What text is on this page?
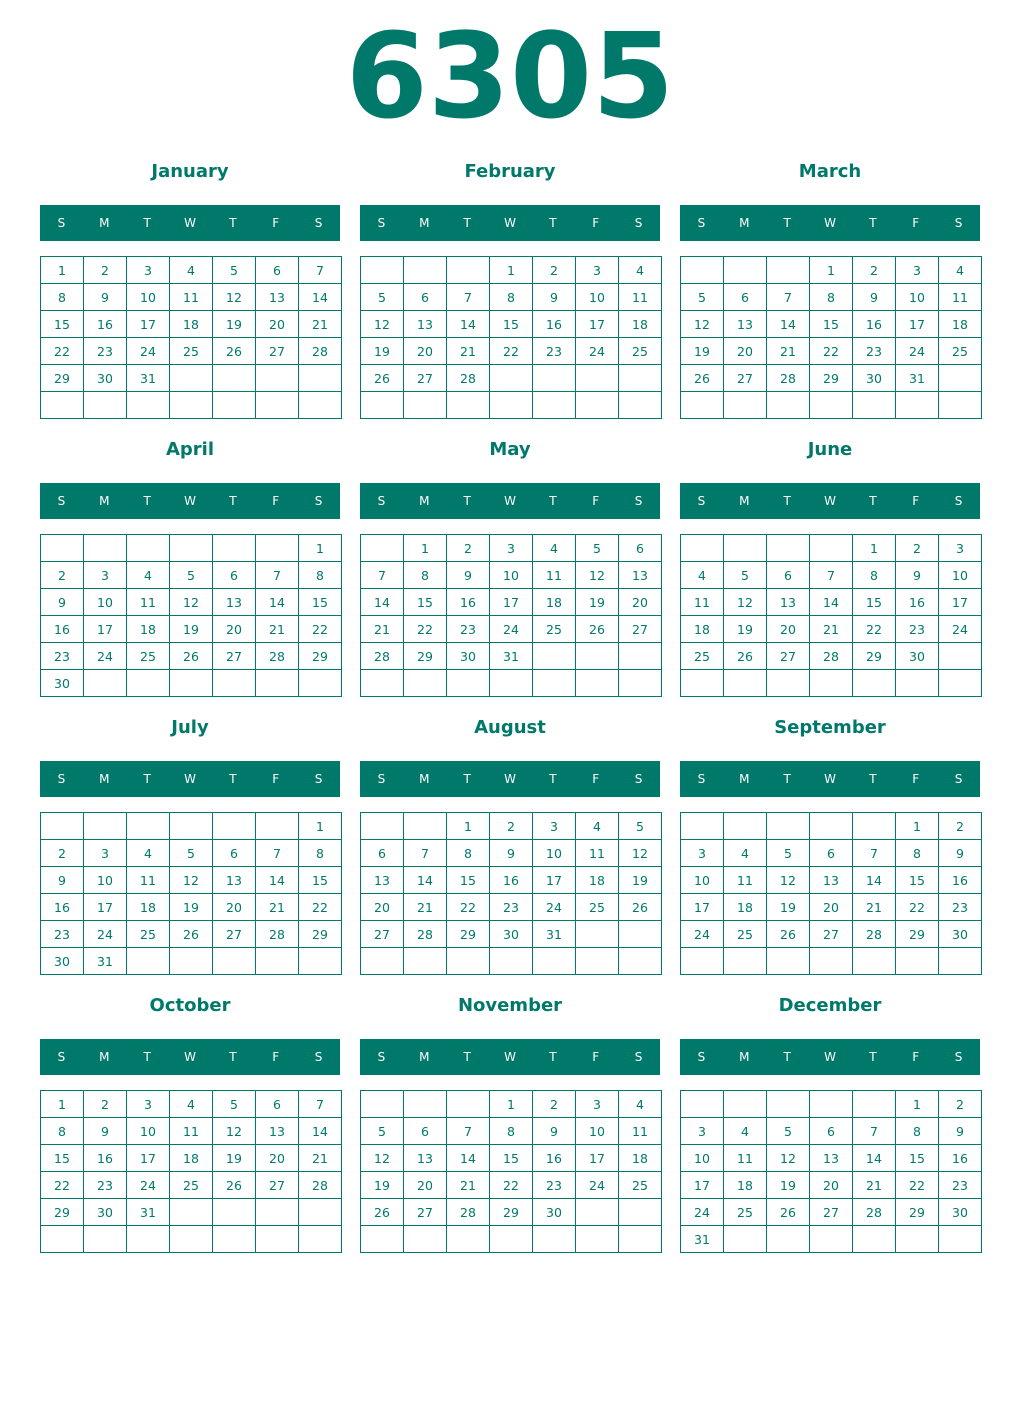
6305
January
S	M	T	W	T	F	S
1	2	3	4	5	6	7
8	9	10	11	12	13	14
15	16	17	18	19	20	21
22	23	24	25	26	27	28
29	30	31				

February
S	M	T	W	T	F	S
			1	2	3	4
5	6	7	8	9	10	11
12	13	14	15	16	17	18
19	20	21	22	23	24	25
26	27	28				

March
S	M	T	W	T	F	S
			1	2	3	4
5	6	7	8	9	10	11
12	13	14	15	16	17	18
19	20	21	22	23	24	25
26	27	28	29	30	31	

April
S	M	T	W	T	F	S
						1
2	3	4	5	6	7	8
9	10	11	12	13	14	15
16	17	18	19	20	21	22
23	24	25	26	27	28	29
30						
May
S	M	T	W	T	F	S
	1	2	3	4	5	6
7	8	9	10	11	12	13
14	15	16	17	18	19	20
21	22	23	24	25	26	27
28	29	30	31			

June
S	M	T	W	T	F	S
				1	2	3
4	5	6	7	8	9	10
11	12	13	14	15	16	17
18	19	20	21	22	23	24
25	26	27	28	29	30	

July
S	M	T	W	T	F	S
						1
2	3	4	5	6	7	8
9	10	11	12	13	14	15
16	17	18	19	20	21	22
23	24	25	26	27	28	29
30	31					
August
S	M	T	W	T	F	S
		1	2	3	4	5
6	7	8	9	10	11	12
13	14	15	16	17	18	19
20	21	22	23	24	25	26
27	28	29	30	31		

September
S	M	T	W	T	F	S
					1	2
3	4	5	6	7	8	9
10	11	12	13	14	15	16
17	18	19	20	21	22	23
24	25	26	27	28	29	30

October
S	M	T	W	T	F	S
1	2	3	4	5	6	7
8	9	10	11	12	13	14
15	16	17	18	19	20	21
22	23	24	25	26	27	28
29	30	31				

November
S	M	T	W	T	F	S
			1	2	3	4
5	6	7	8	9	10	11
12	13	14	15	16	17	18
19	20	21	22	23	24	25
26	27	28	29	30		

December
S	M	T	W	T	F	S
					1	2
3	4	5	6	7	8	9
10	11	12	13	14	15	16
17	18	19	20	21	22	23
24	25	26	27	28	29	30
31						
